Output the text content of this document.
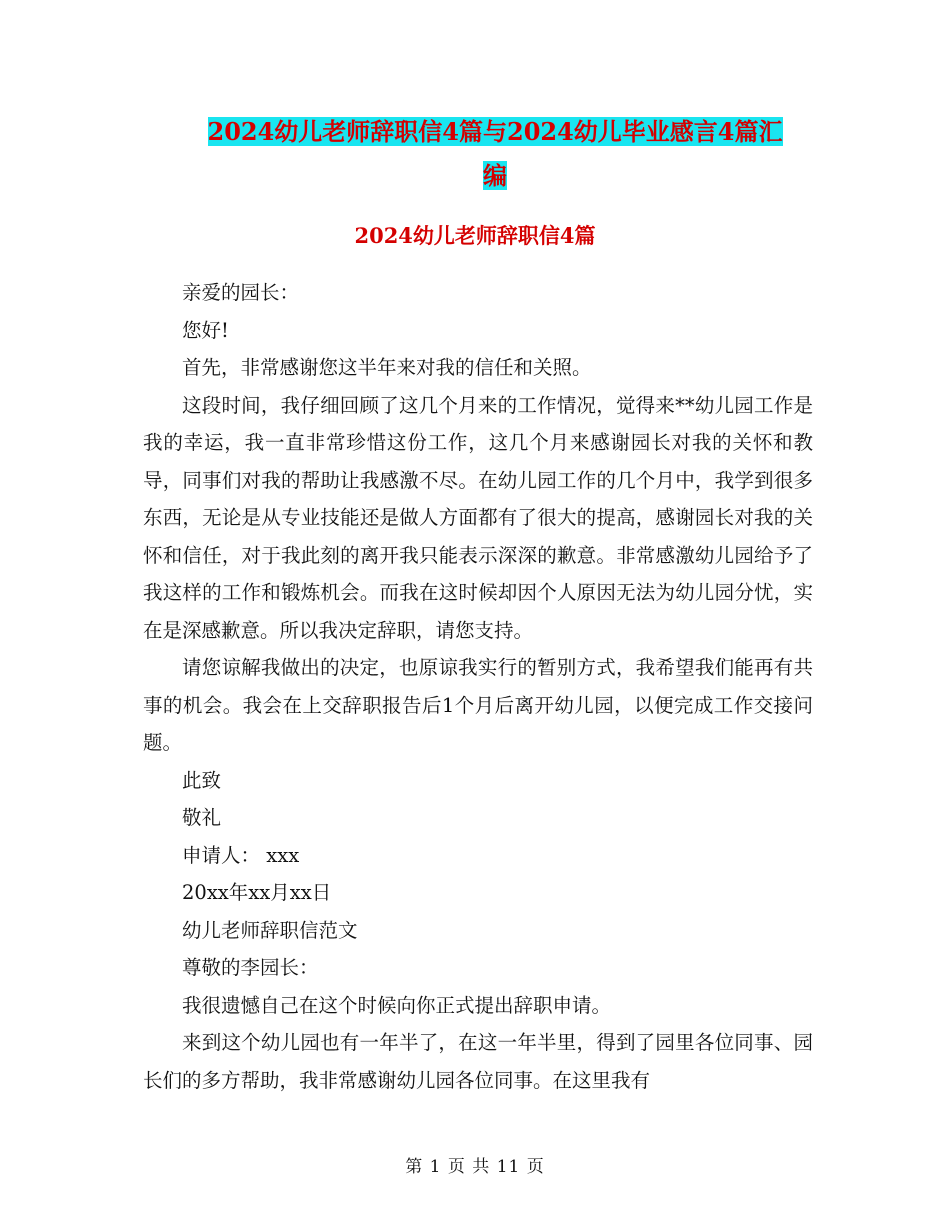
2024幼儿老师辞职信4篇与2024幼儿毕业感言4篇汇
编
2024幼儿老师辞职信4篇

亲爱的园长：

您好!

首先，非常感谢您这半年来对我的信任和关照。

这段时间，我仔细回顾了这几个月来的工作情况，觉得来**幼儿园工作是我的幸运，我一直非常珍惜这份工作，这几个月来感谢园长对我的关怀和教导，同事们对我的帮助让我感激不尽。在幼儿园工作的几个月中，我学到很多东西，无论是从专业技能还是做人方面都有了很大的提高，感谢园长对我的关怀和信任，对于我此刻的离开我只能表示深深的歉意。非常感激幼儿园给予了我这样的工作和锻炼机会。而我在这时候却因个人原因无法为幼儿园分忧，实在是深感歉意。所以我决定辞职，请您支持。

请您谅解我做出的决定，也原谅我实行的暂别方式，我希望我们能再有共事的机会。我会在上交辞职报告后1个月后离开幼儿园，以便完成工作交接问题。

此致

敬礼

申请人： xxx

20xx年xx月xx日

幼儿老师辞职信范文

尊敬的李园长：

我很遗憾自己在这个时候向你正式提出辞职申请。

来到这个幼儿园也有一年半了，在这一年半里，得到了园里各位同事、园长们的多方帮助，我非常感谢幼儿园各位同事。在这里我有

第 1 页 共 11 页
